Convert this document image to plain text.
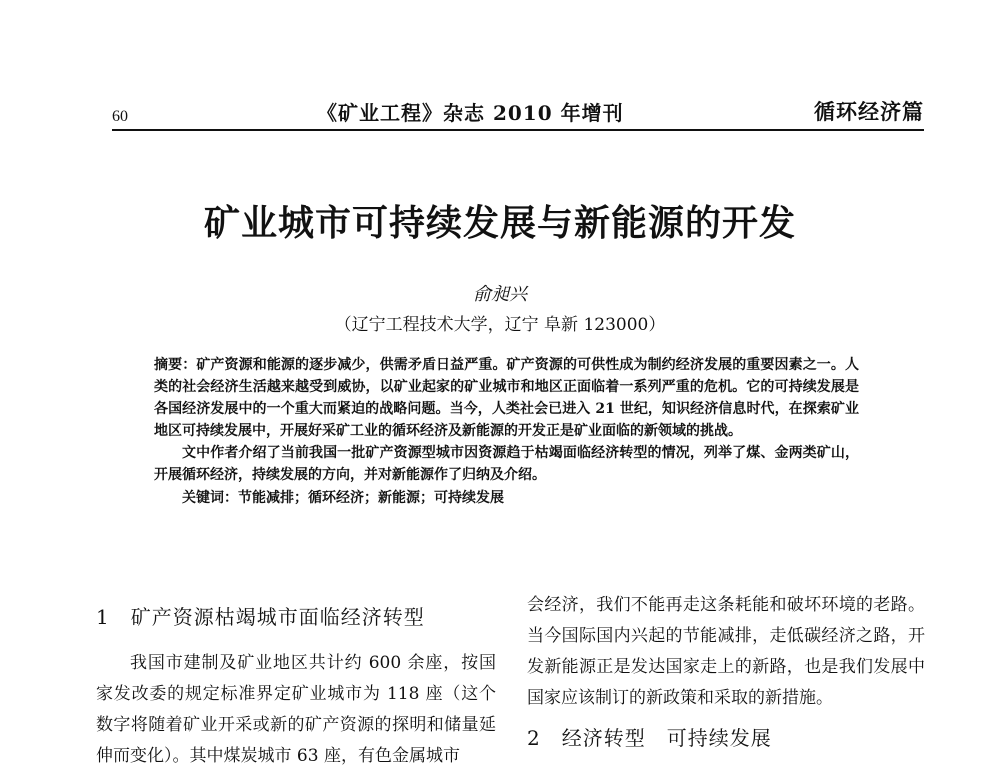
60	《矿业工程》杂志 2010 年增刊	循环经济篇
矿业城市可持续发展与新能源的开发
俞昶兴
（辽宁工程技术大学，辽宁 阜新 123000）

摘要：矿产资源和能源的逐步减少，供需矛盾日益严重。矿产资源的可供性成为制约经济发展的重要因素之一。人类的社会经济生活越来越受到威协，以矿业起家的矿业城市和地区正面临着一系列严重的危机。它的可持续发展是各国经济发展中的一个重大而紧迫的战略问题。当今，人类社会已进入 21 世纪，知识经济信息时代，在探索矿业地区可持续发展中，开展好采矿工业的循环经济及新能源的开发正是矿业面临的新领域的挑战。

文中作者介绍了当前我国一批矿产资源型城市因资源趋于枯竭面临经济转型的情况，列举了煤、金两类矿山，开展循环经济，持续发展的方向，并对新能源作了归纳及介绍。

关键词：节能减排；循环经济；新能源；可持续发展

1　矿产资源枯竭城市面临经济转型

我国市建制及矿业地区共计约 600 余座，按国家发改委的规定标准界定矿业城市为 118 座（这个数字将随着矿业开采或新的矿产资源的探明和储量延伸而变化）。其中煤炭城市 63 座，有色金属城市

会经济，我们不能再走这条耗能和破坏环境的老路。当今国际国内兴起的节能减排，走低碳经济之路，开发新能源正是发达国家走上的新路，也是我们发展中国家应该制订的新政策和采取的新措施。

2　经济转型　可持续发展
